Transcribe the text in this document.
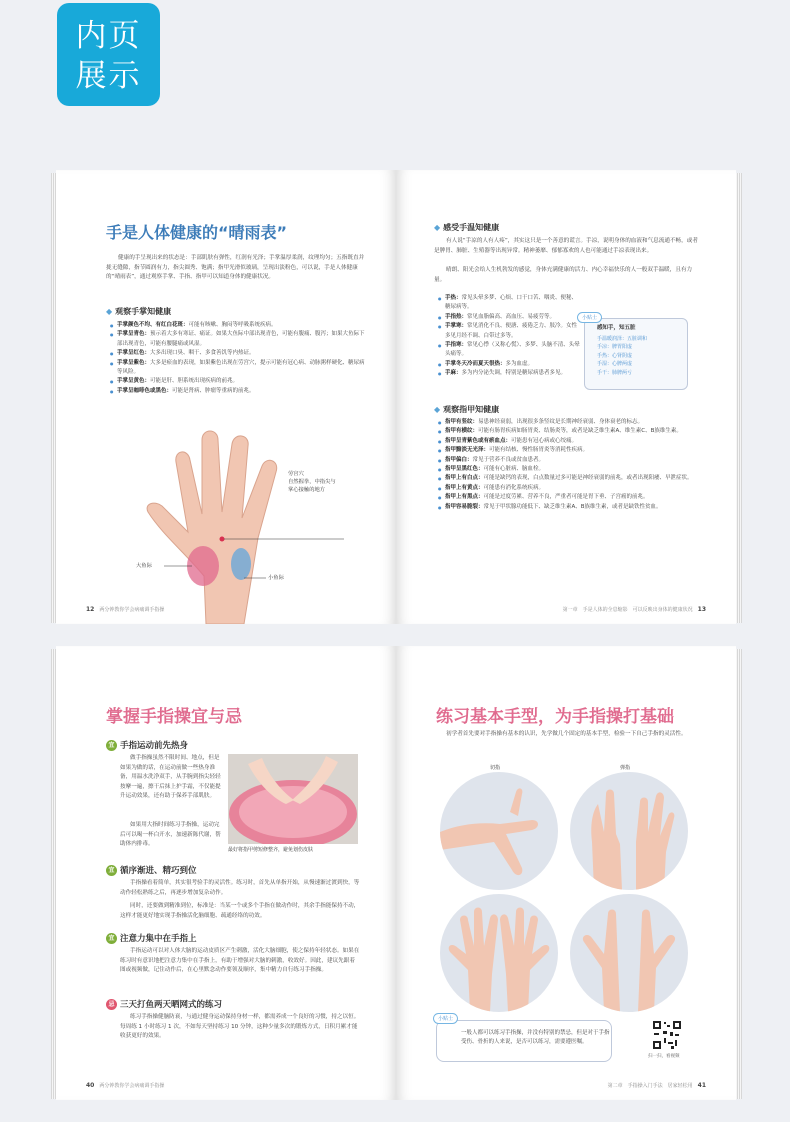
内页
展示
手是人体健康的“晴雨表”
健康的手呈现出来的状态是：手部肌肤有弹性，红润有光泽；手掌温厚柔润，纹理均匀；五指既直并拢无缝隙，指节圆润有力，指尖圆秀、饱满；指甲光滑似玻璃，呈现出淡粉色，可以说，手是人体健康的“晴雨表”，通过观察手掌、手指、指甲可以知道身体的健康状况。
◆ 观察手掌知健康
● 手掌颜色不均、有红白花斑：可能有咳嗽、胸闷等呼吸系统疾病。
● 手掌呈青色：预示着大多有寒证、痛证。如果大鱼际中部出现青色，可能有腹痛、腹泻；如果大鱼际下部出现青色，可能有腰腿痛或风湿。
● 手掌呈红色：大多出现口臭、咽干、多食善饥等内热证。
● 手掌呈紫色：大多是瘀血的表现，如果紫色出现在劳宫穴，提示可能有冠心病、动脉粥样硬化、糖尿病等风险。
● 手掌呈黄色：可能是肝、胆系统出现疾病的前兆。
● 手掌呈咖啡色或黑色：可能是肾病、肿瘤等重病的前兆。
劳宫穴
自然握拳，中指尖与
掌心接触的地方
大鱼际
小鱼际
12　 两分钟教你学会病痛调手指操
◆ 感受手温知健康
有人说“手凉的人有人疼”，其实这只是一个善意的谎言。手凉，说明身体的血液和气息流通不畅，或者是脾胃、肺脏、生殖器等出现异常。精神萎靡、郁郁寡欢的人也可能通过手凉表现出来。
晴朗、阳光会给人生机勃发的感觉，身体充满健康的活力、内心幸福快乐的人一般双手温暖，且有力量。
● 手热：常见头晕多梦、心烦、口干口苦、咽炎、便秘、糖尿病等。
● 手指热：常见血脂偏高、高血压、易疲劳等。
● 手掌寒：常见消化不良、便溏、疲倦乏力、肢冷。女性多见月经不调、白带过多等。
● 手指寒：常见心悸（又称心慌）、多梦、头脑不清、头晕头痛等。
● 手掌冬天冷而夏天很热：多为血虚。
● 手麻：多为内分泌失调，特别是糖尿病患者多见。
小贴士
感知手，知五脏
手温暖润泽：五脏调和
手凉：脾胃阳虚
手热：心肾阴虚
手湿：心脾两虚
手干：肺脾两亏
◆ 观察指甲知健康
● 指甲有竖纹：易患神经衰弱，出现很多条竖纹是长期神经衰弱、身体衰老的标志。
● 指甲有横纹：可能有肠胃疾病如肠胃炎、结肠炎等，或者是缺乏维生素A、维生素C、B族维生素。
● 指甲呈青紫色或有瘀血点：可能患有冠心病或心绞痛。
● 指甲黯淡无光泽：可能有结核、慢性肠胃炎等消耗性疾病。
● 指甲偏白：常见于营养不良或贫血患者。
● 指甲呈黑红色：可能有心脏病、脑血栓。
● 指甲上有白点：可能是缺钙的表现，白点数量过多可能是神经衰弱的前兆，或者出现阳痿、早泄症状。
● 指甲上有黄点：可能患有消化系统疾病。
● 指甲上有黑点：可能是过度劳累、营养不良，严重者可能是胃下垂、子宫癌的前兆。
● 指甲容易脆裂：常见于甲状腺功能低下、缺乏维生素A、B族维生素，或者是缺铁性贫血。
第一章　手是人体的全息缩影　可以反映出身体的健康状况　 13
掌握手指操宜与忌
宜 手指运动前先热身
做手指操虽然不限时间、地点，但是如果为做的话，在运动前做一些热身准备，用温水洗净双手，从手腕到指尖轻轻按摩一遍，擦干后抹上护手霜，不仅能提升运动效果，还有助于保养手部肌肤。
如果用大指时间练习手指操，运动完后可以喝一杯白开水，加速新陈代谢，帮助体内排毒。
最好将指甲剪短修整齐，避免划伤皮肤
宜 循序渐进、精巧到位
手指操看着简单，其实很考验手的灵活性。练习时，首先从单指开始，从慢速渐过渡到快，等动作轻松熟练之后，再逐步增加复杂动作。
同时，还要做到精准到位，标准是：当某一个或多个手指在做动作时，其余手指能保持不动，这样才能更好地实现手指操活化脑细胞、疏通经络的功效。
宜 注意力集中在手指上
手指运动可以对人体大脑的运动皮质区产生刺激，活化大脑细胞，使之保持年轻状态。如果在练习时有意识地把注意力集中在手指上，有助于增强对大脑的刺激，收效好。因此，建议先跟着图或视频做，记住动作后，在心里默念动作要领及顺序，集中精力自行练习手指操。
忌 三天打鱼两天晒网式的练习
练习手指操健脑防衰，与通过健身运动保持身材一样，都需养成一个良好的习惯，持之以恒。每周练 1 小时练习 1 次，不如每天坚持练习 10 分钟，这种少量多次的锻炼方式，日积月累才能收获更好的效果。
40　 两分钟教你学会病痛调手指操
练习基本手型，为手指操打基础
初学者首先要对手指操有基本的认识，先学做几个固定的基本手型，检验一下自己手指的灵活性。
切指	弹指
小贴士
一般人都可以练习手指操，并没有特别的禁忌，但是对于手指受伤、骨折的人来说，是否可以练习，需要遵医嘱。
扫一扫，看视频
第二章　手指操入门手法　居家轻松用　 41
